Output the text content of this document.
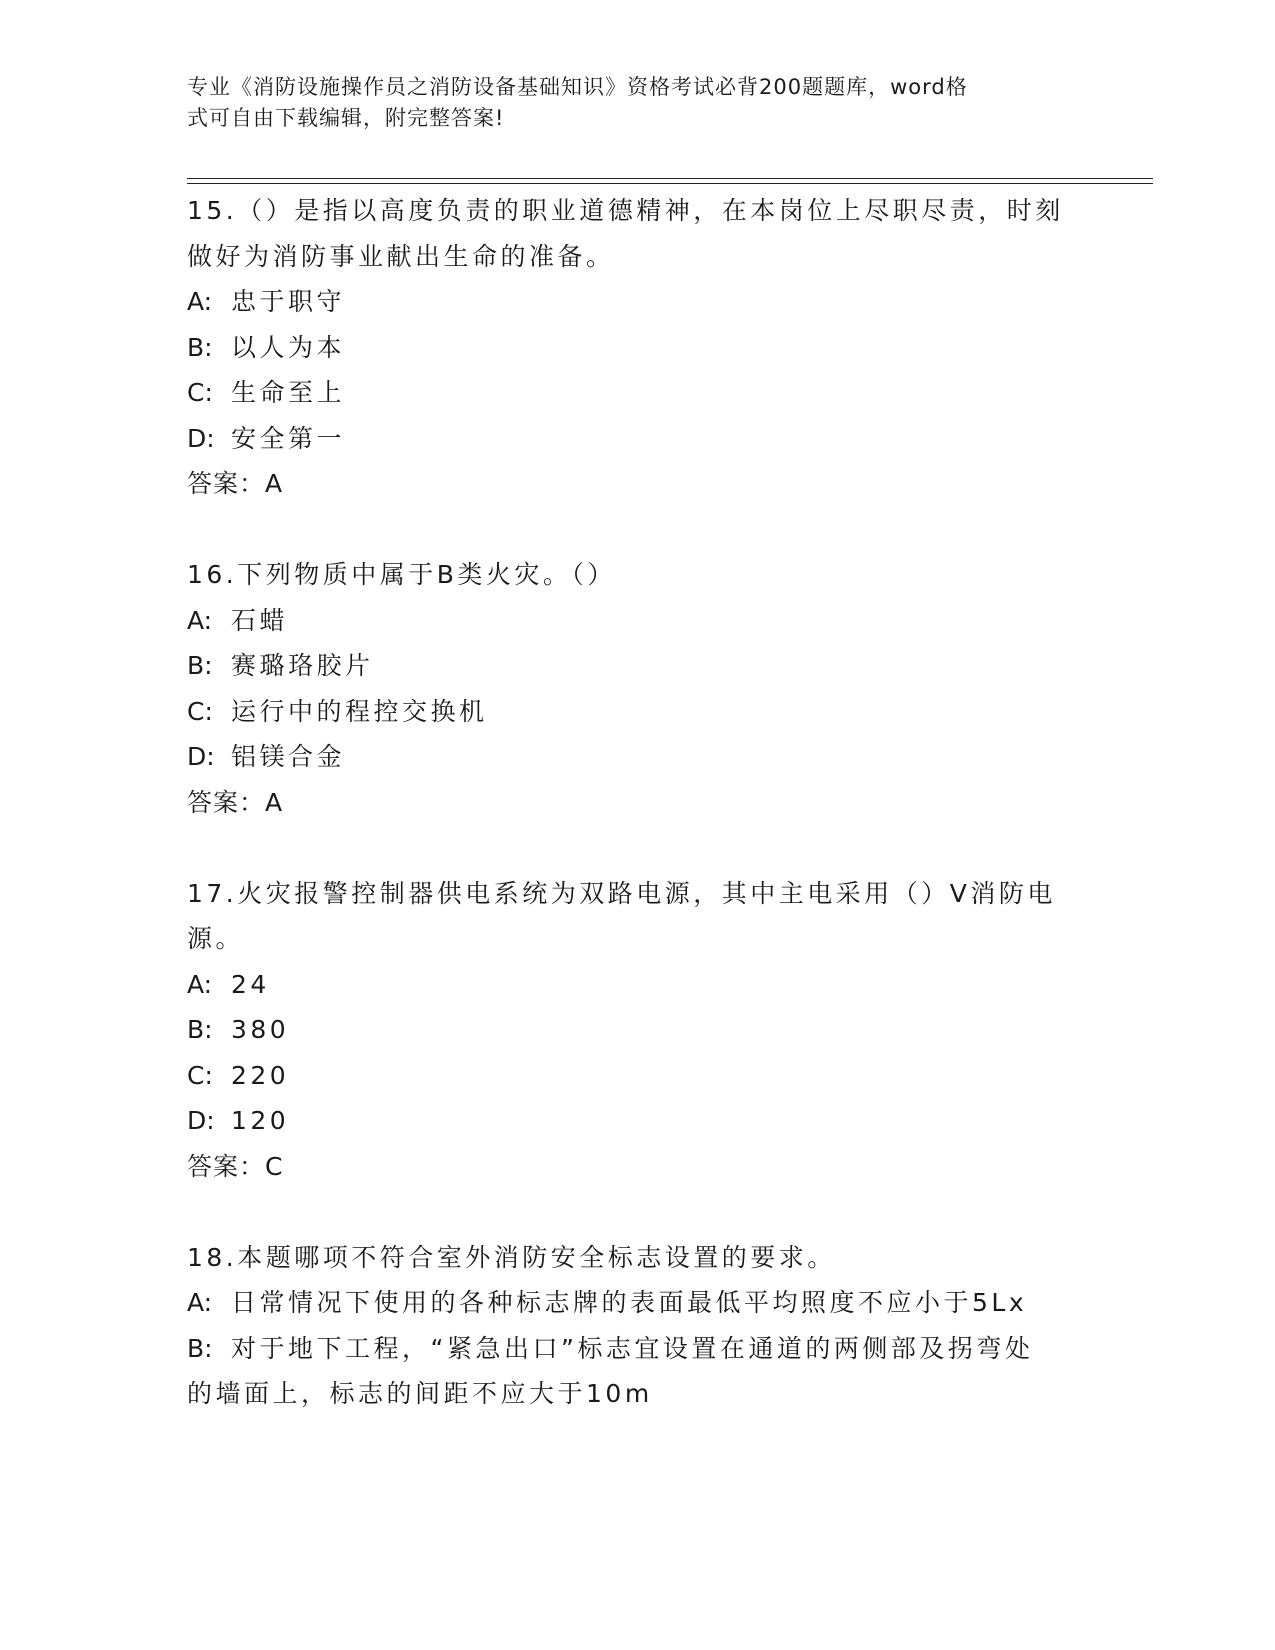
专业《消防设施操作员之消防设备基础知识》资格考试必背200题题库，word格
式可自由下载编辑，附完整答案!
15.（）是指以高度负责的职业道德精神，在本岗位上尽职尽责，时刻
做好为消防事业献出生命的准备。
A: 忠于职守
B: 以人为本
C: 生命至上
D: 安全第一
答案：A
16.下列物质中属于B类火灾。（）
A: 石蜡
B: 赛璐珞胶片
C: 运行中的程控交换机
D: 铝镁合金
答案：A
17.火灾报警控制器供电系统为双路电源，其中主电采用（）V消防电
源。
A: 24
B: 380
C: 220
D: 120
答案：C
18.本题哪项不符合室外消防安全标志设置的要求。
A: 日常情况下使用的各种标志牌的表面最低平均照度不应小于5Lx
B: 对于地下工程，“紧急出口”标志宜设置在通道的两侧部及拐弯处
的墙面上，标志的间距不应大于10m
